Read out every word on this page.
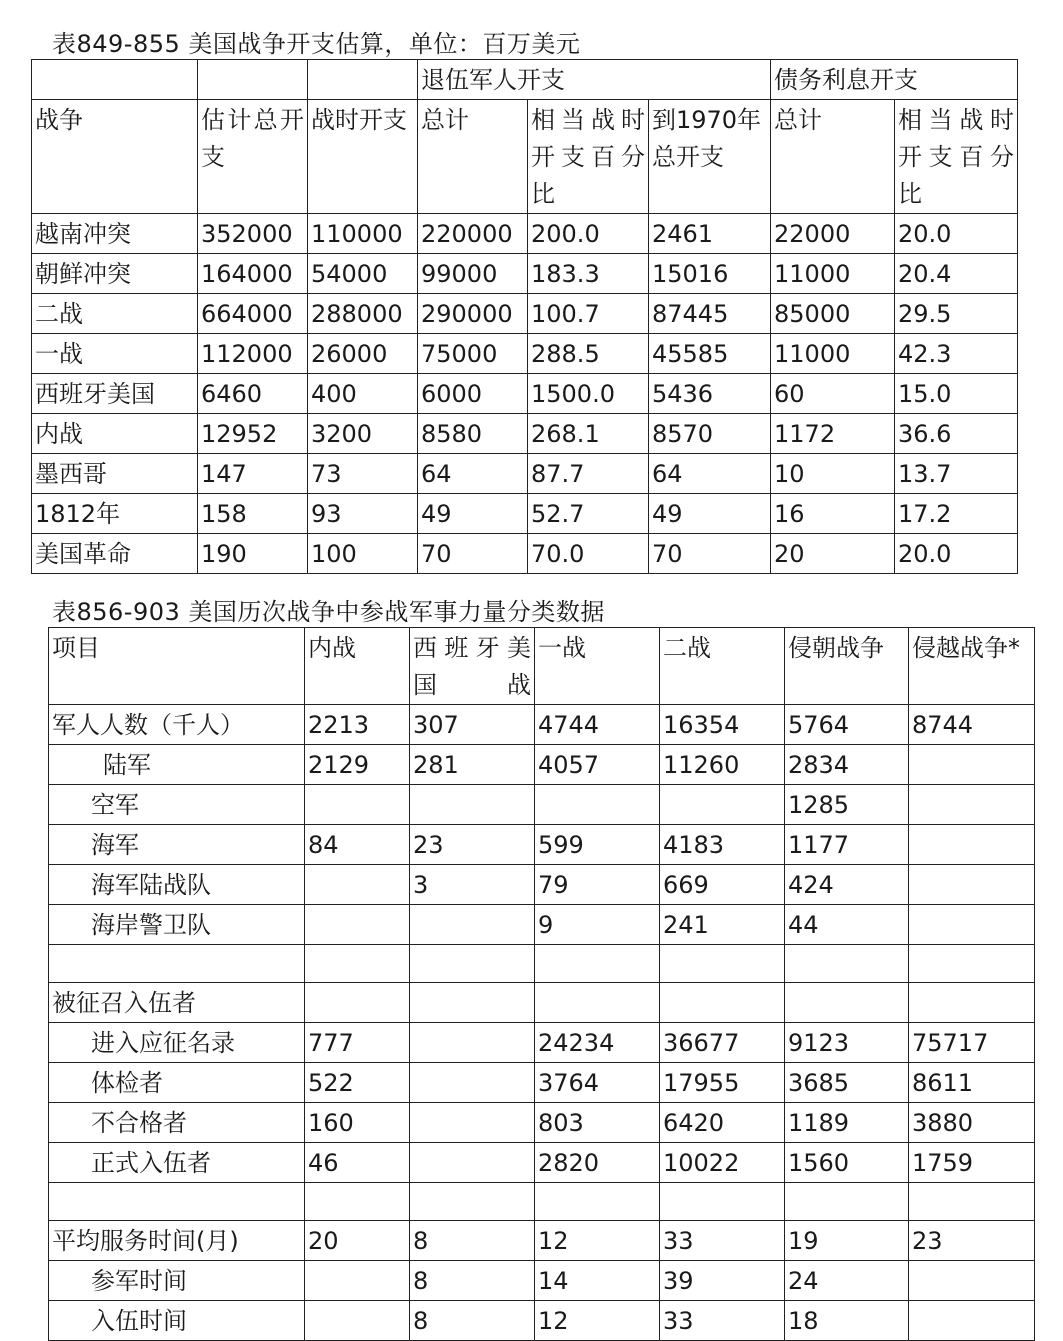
表849-855 美国战争开支估算，单位：百万美元
			退伍军人开支			债务利息开支	
战争	估计总开支	战时开支	总计	相当战时开支百分比	到1970年总开支	总计	相当战时开支百分比
越南冲突	352000	110000	220000	200.0	2461	22000	20.0
朝鲜冲突	164000	54000	99000	183.3	15016	11000	20.4
二战	664000	288000	290000	100.7	87445	85000	29.5
一战	112000	26000	75000	288.5	45585	11000	42.3
西班牙美国	6460	400	6000	1500.0	5436	60	15.0
内战	12952	3200	8580	268.1	8570	1172	36.6
墨西哥	147	73	64	87.7	64	10	13.7
1812年	158	93	49	52.7	49	16	17.2
美国革命	190	100	70	70.0	70	20	20.0
表856-903 美国历次战争中参战军事力量分类数据
项目	内战	西班牙美国战	一战	二战	侵朝战争	侵越战争*
军人人数（千人）	2213	307	4744	16354	5764	8744
陆军	2129	281	4057	11260	2834	
空军					1285	
海军	84	23	599	4183	1177	
海军陆战队		3	79	669	424	
海岸警卫队			9	241	44	

被征召入伍者						
进入应征名录	777		24234	36677	9123	75717
体检者	522		3764	17955	3685	8611
不合格者	160		803	6420	1189	3880
正式入伍者	46		2820	10022	1560	1759

平均服务时间(月)	20	8	12	33	19	23
参军时间		8	14	39	24	
入伍时间		8	12	33	18	
